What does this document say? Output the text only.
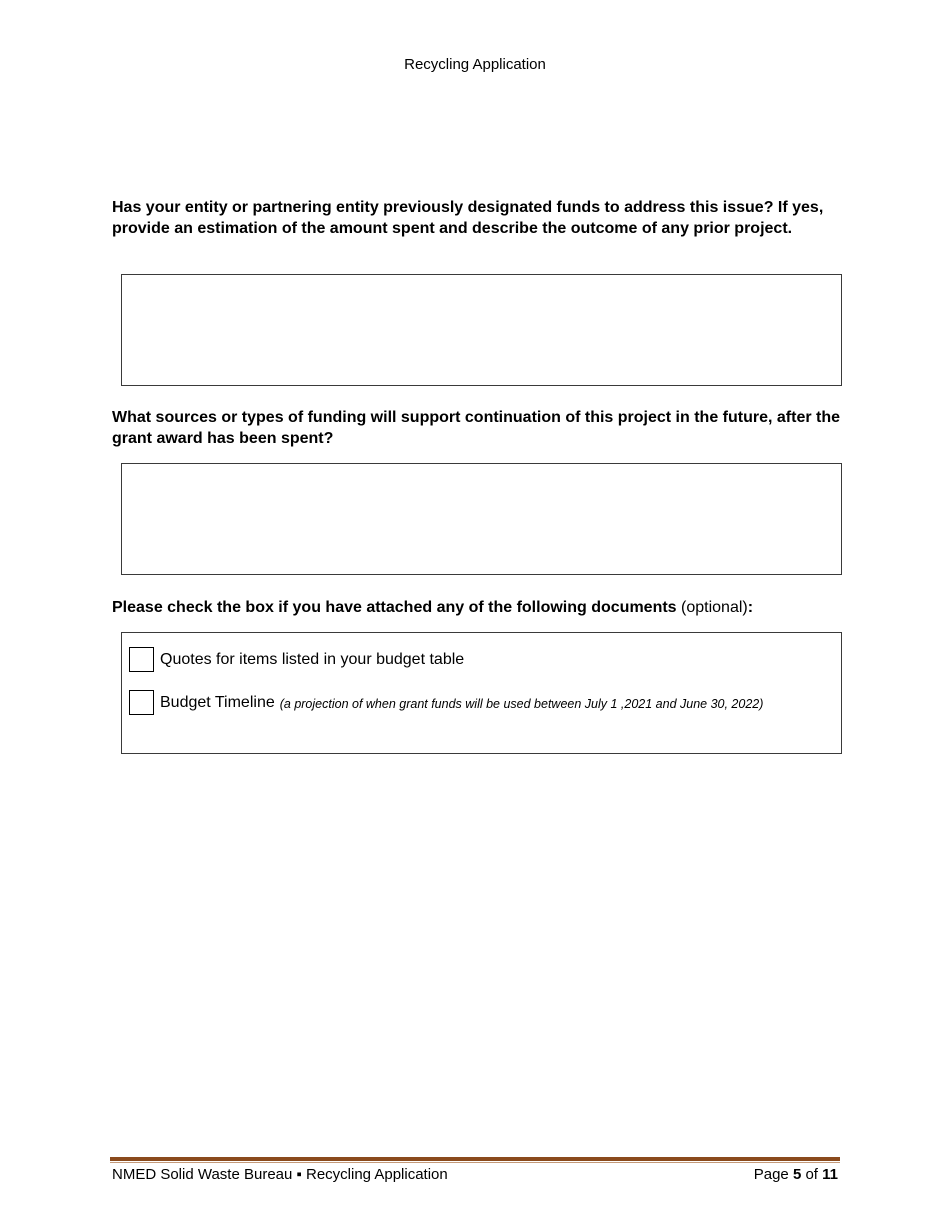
Recycling Application
Has your entity or partnering entity previously designated funds to address this issue? If yes, provide an estimation of the amount spent and describe the outcome of any prior project.
What sources or types of funding will support continuation of this project in the future, after the grant award has been spent?
Please check the box if you have attached any of the following documents (optional):
Quotes for items listed in your budget table
Budget Timeline (a projection of when grant funds will be used between July 1 ,2021 and June 30, 2022)
NMED Solid Waste Bureau ▪ Recycling Application	Page 5 of 11
